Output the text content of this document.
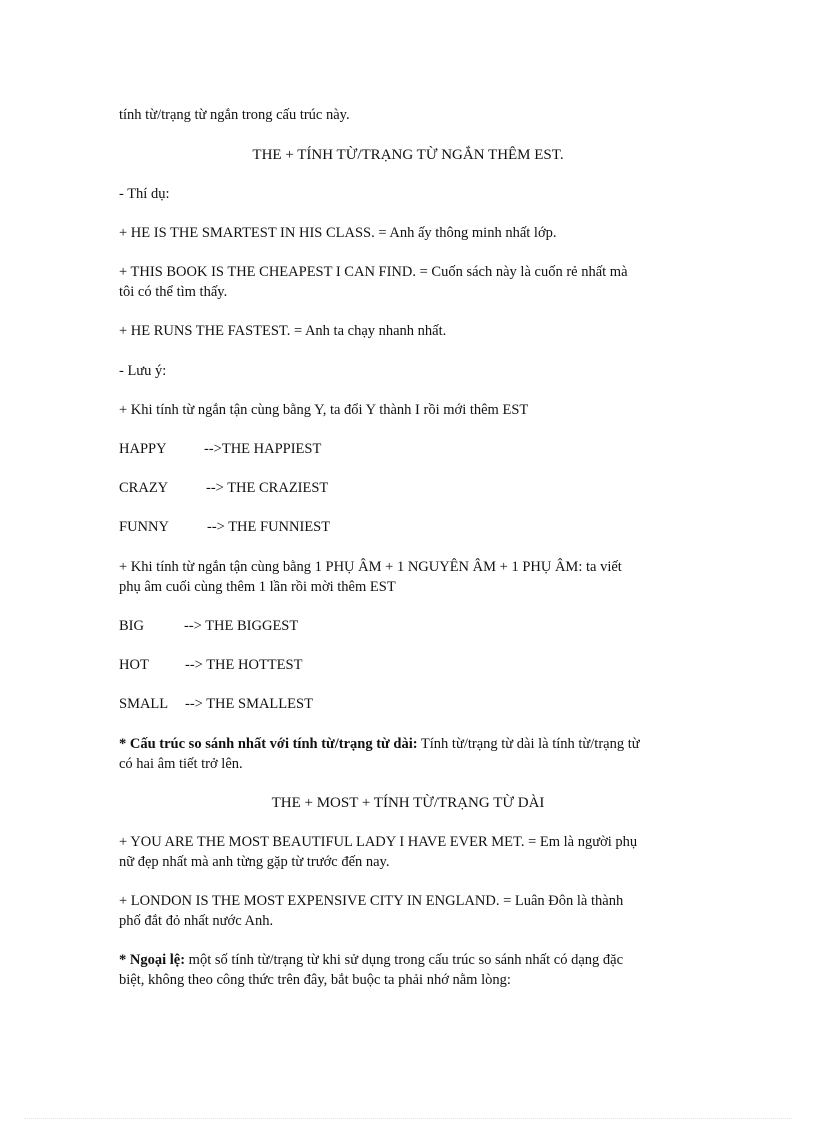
tính từ/trạng từ ngắn trong cấu trúc này.
THE + TÍNH TỪ/TRẠNG TỪ NGẮN THÊM EST.
- Thí dụ:
+ HE IS THE SMARTEST IN HIS CLASS. = Anh ấy thông minh nhất lớp.
+ THIS BOOK IS THE CHEAPEST I CAN FIND. = Cuốn sách này là cuốn rẻ nhất mà
tôi có thể tìm thấy.
+ HE RUNS THE FASTEST. = Anh ta chạy nhanh nhất.
- Lưu ý:
+ Khi tính từ ngắn tận cùng bằng Y, ta đổi Y thành I rồi mới thêm EST
HAPPY	-->THE HAPPIEST
CRAZY	--> THE CRAZIEST
FUNNY	--> THE FUNNIEST
+ Khi tính từ ngắn tận cùng bằng 1 PHỤ ÂM + 1 NGUYÊN ÂM + 1 PHỤ ÂM: ta viết
phụ âm cuối cùng thêm 1 lần rồi mời thêm EST
BIG	--> THE BIGGEST
HOT --> THE HOTTEST
SMALL --> THE SMALLEST
* Cấu trúc so sánh nhất với tính từ/trạng từ dài: Tính từ/trạng từ dài là tính từ/trạng từ
có hai âm tiết trở lên.
THE + MOST + TÍNH TỪ/TRẠNG TỪ DÀI
+ YOU ARE THE MOST BEAUTIFUL LADY I HAVE EVER MET. = Em là người phụ
nữ đẹp nhất mà anh từng gặp từ trước đến nay.
+ LONDON IS THE MOST EXPENSIVE CITY IN ENGLAND. = Luân Đôn là thành
phố đắt đỏ nhất nước Anh.
* Ngoại lệ: một số tính từ/trạng từ khi sử dụng trong cấu trúc so sánh nhất có dạng đặc
biệt, không theo công thức trên đây, bắt buộc ta phải nhớ nằm lòng:
